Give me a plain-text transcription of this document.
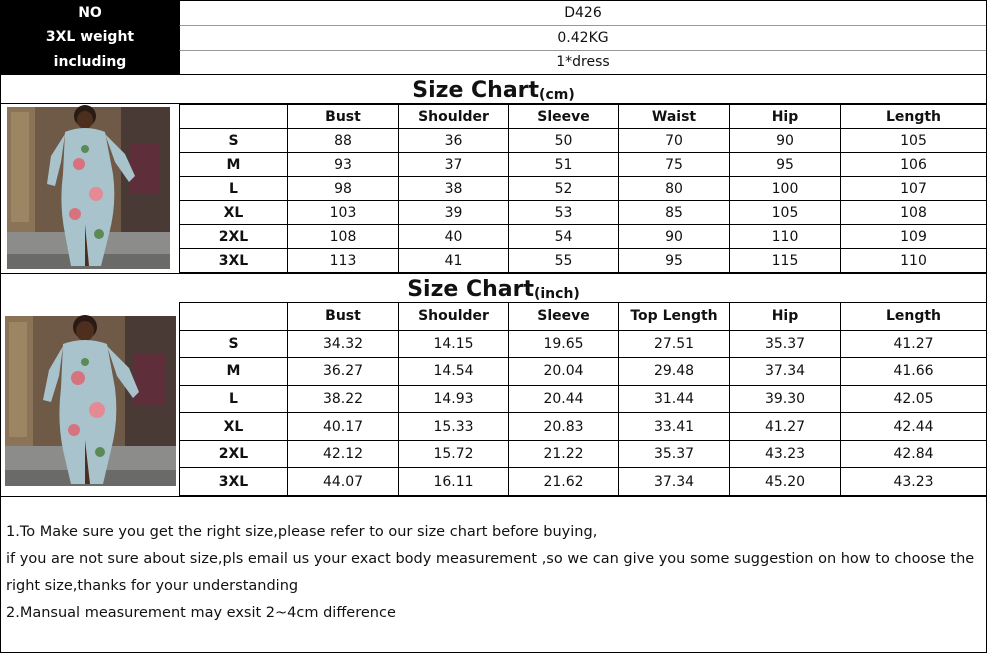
NO	D426
3XL weight	0.42KG
including	1*dress
Size Chart (cm)
	Bust	Shoulder	Sleeve	Waist	Hip	Length
S	88	36	50	70	90	105
M	93	37	51	75	95	106
L	98	38	52	80	100	107
XL	103	39	53	85	105	108
2XL	108	40	54	90	110	109
3XL	113	41	55	95	115	110
Size Chart (inch)
	Bust	Shoulder	Sleeve	Top Length	Hip	Length
S	34.32	14.15	19.65	27.51	35.37	41.27
M	36.27	14.54	20.04	29.48	37.34	41.66
L	38.22	14.93	20.44	31.44	39.30	42.05
XL	40.17	15.33	20.83	33.41	41.27	42.44
2XL	42.12	15.72	21.22	35.37	43.23	42.84
3XL	44.07	16.11	21.62	37.34	45.20	43.23

1.To Make sure you get the right size,please refer to our size chart before buying,

if you are not sure about size,pls email us your exact body measurement ,so we can give you some suggestion on how to choose the right size,thanks for your understanding

2.Mansual measurement may exsit 2~4cm difference
